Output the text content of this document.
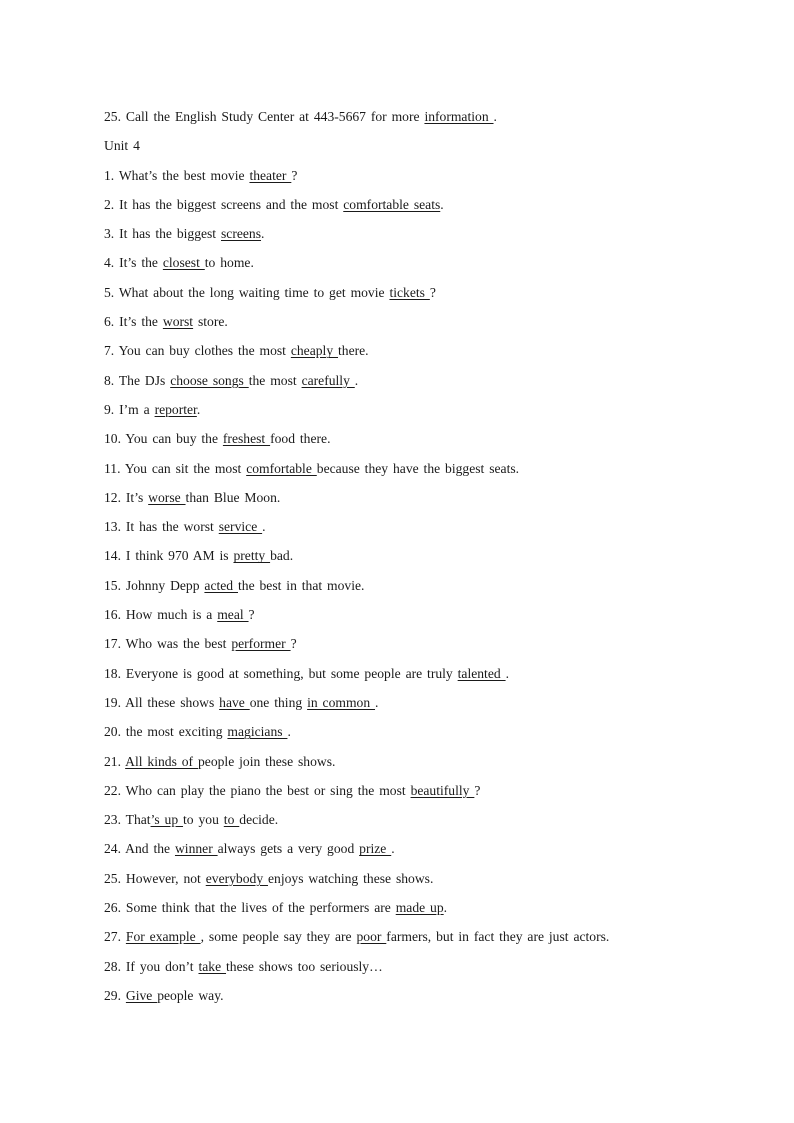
25. Call the English Study Center at 443-5667 for more information .
Unit 4
1. What’s the best movie theater ?
2. It has the biggest screens and the most comfortable seats.
3. It has the biggest screens.
4. It’s the closest to home.
5. What about the long waiting time to get movie tickets ?
6. It’s the worst store.
7. You can buy clothes the most cheaply there.
8. The DJs choose songs the most carefully .
9. I’m a reporter.
10. You can buy the freshest food there.
11. You can sit the most comfortable because they have the biggest seats.
12. It’s worse than Blue Moon.
13. It has the worst service .
14. I think 970 AM is pretty bad.
15. Johnny Depp acted the best in that movie.
16. How much is a meal ?
17. Who was the best performer ?
18. Everyone is good at something, but some people are truly talented .
19. All these shows have one thing in common .
20. the most exciting magicians .
21. All kinds of people join these shows.
22. Who can play the piano the best or sing the most beautifully ?
23. That’s up to you to decide.
24. And the winner always gets a very good prize .
25. However, not everybody enjoys watching these shows.
26. Some think that the lives of the performers are made up.
27. For example , some people say they are poor farmers, but in fact they are just actors.
28. If you don’t take these shows too seriously…
29. Give people way.
